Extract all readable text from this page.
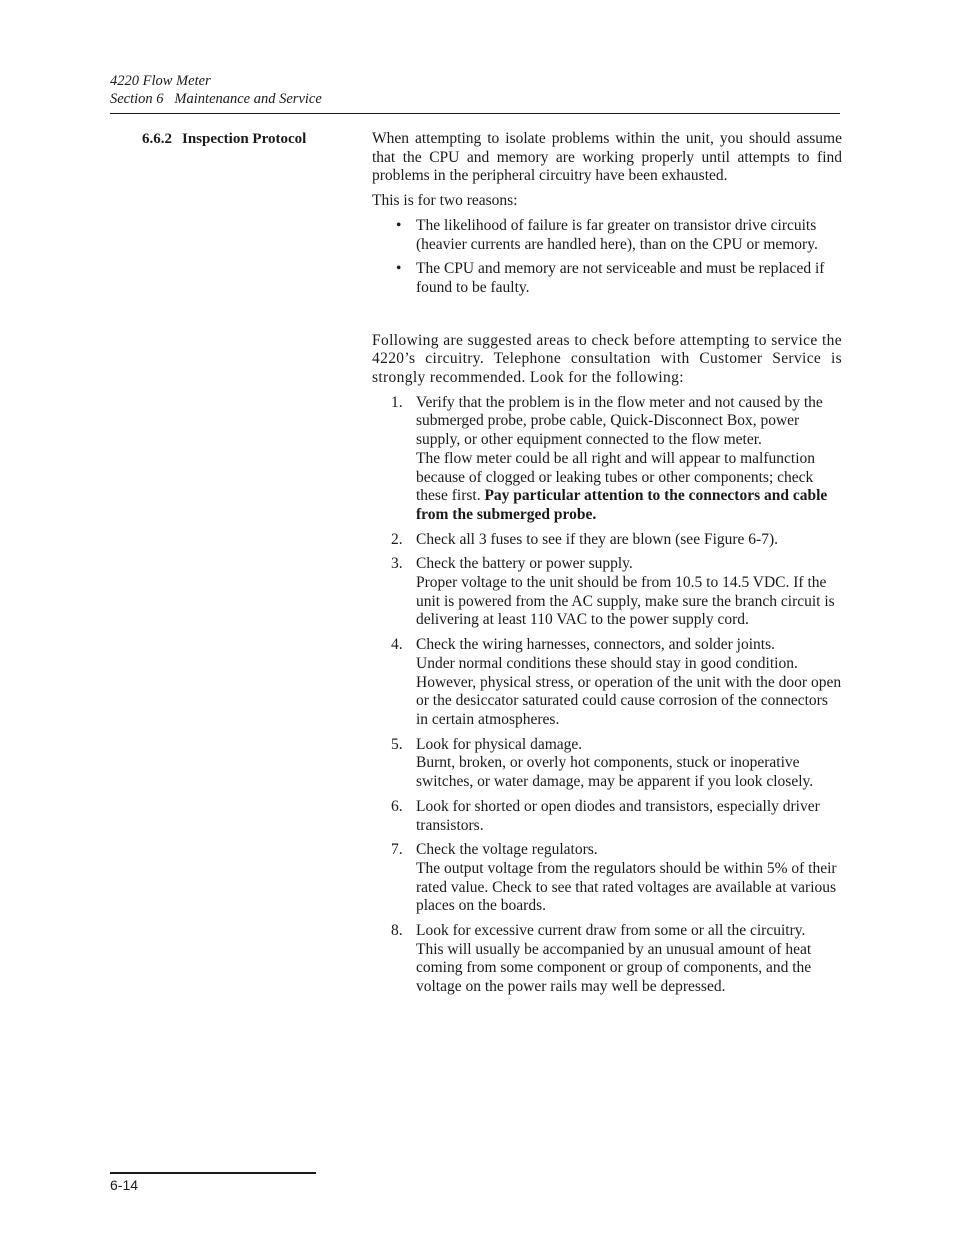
4220 Flow Meter
Section 6   Maintenance and Service
6.6.2 Inspection Protocol	When attempting to isolate problems within the unit, you should assume that the CPU and memory are working properly until attempts to find problems in the peripheral circuitry have been exhausted.

This is for two reasons:

• The likelihood of failure is far greater on transistor drive circuits (heavier currents are handled here), than on the CPU or memory.
• The CPU and memory are not serviceable and must be replaced if found to be faulty.

Following are suggested areas to check before attempting to service the 4220’s circuitry. Telephone consultation with Customer Service is strongly recommended. Look for the following:

1. Verify that the problem is in the flow meter and not caused by the submerged probe, probe cable, Quick-Disconnect Box, power supply, or other equipment connected to the flow meter.
The flow meter could be all right and will appear to malfunction because of clogged or leaking tubes or other components; check these first. Pay particular attention to the connectors and cable from the submerged probe.
2. Check all 3 fuses to see if they are blown (see Figure 6-7).
3. Check the battery or power supply.
Proper voltage to the unit should be from 10.5 to 14.5 VDC. If the unit is powered from the AC supply, make sure the branch circuit is delivering at least 110 VAC to the power supply cord.
4. Check the wiring harnesses, connectors, and solder joints.
Under normal conditions these should stay in good condition. However, physical stress, or operation of the unit with the door open or the desiccator saturated could cause corrosion of the connectors in certain atmospheres.
5. Look for physical damage.
Burnt, broken, or overly hot components, stuck or inoperative switches, or water damage, may be apparent if you look closely.
6. Look for shorted or open diodes and transistors, especially driver transistors.
7. Check the voltage regulators.
The output voltage from the regulators should be within 5% of their rated value. Check to see that rated voltages are available at various places on the boards.
8. Look for excessive current draw from some or all the circuitry.
This will usually be accompanied by an unusual amount of heat coming from some component or group of components, and the voltage on the power rails may well be depressed.
6-14
